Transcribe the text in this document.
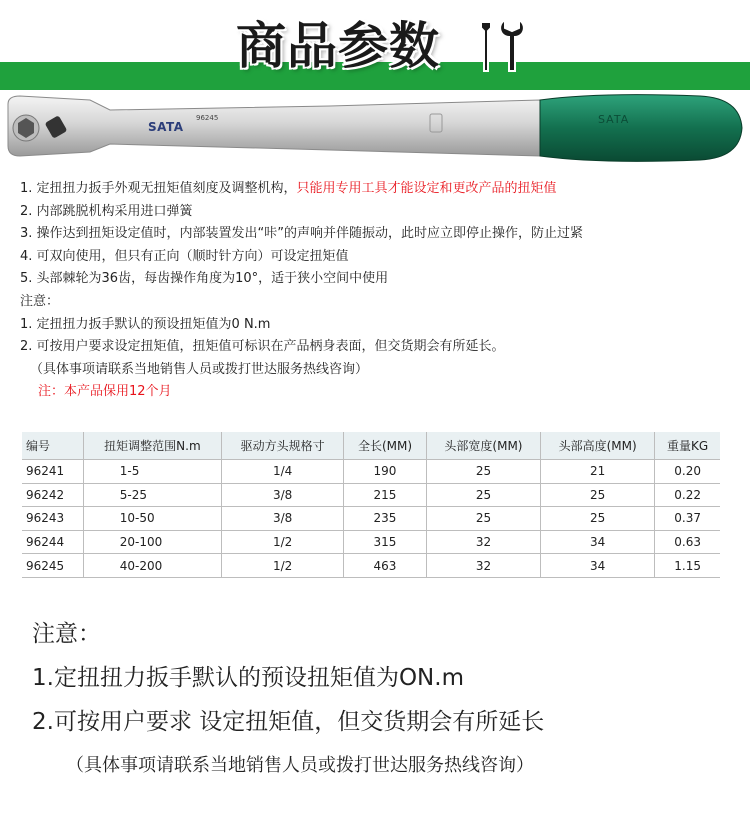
商品参数
SATA
96245	SATA
1. 定扭扭力扳手外观无扭矩值刻度及调整机构，只能用专用工具才能设定和更改产品的扭矩值
2. 内部跳脱机构采用进口弹簧
3. 操作达到扭矩设定值时，内部装置发出“咔”的声响并伴随振动，此时应立即停止操作，防止过紧
4. 可双向使用，但只有正向（顺时针方向）可设定扭矩值
5. 头部棘轮为36齿，每齿操作角度为10°，适于狭小空间中使用
注意：
1. 定扭扭力扳手默认的预设扭矩值为0 N.m
2. 可按用户要求设定扭矩值，扭矩值可标识在产品柄身表面，但交货期会有所延长。
（具体事项请联系当地销售人员或拨打世达服务热线咨询）
注：本产品保用12个月
编号	扭矩调整范围N.m	驱动方头规格寸	全长(MM)	头部宽度(MM)	头部高度(MM)	重量KG
96241	1-5	1/4	190	25	21	0.20
96242	5-25	3/8	215	25	25	0.22
96243	10-50	3/8	235	25	25	0.37
96244	20-100	1/2	315	32	34	0.63
96245	40-200	1/2	463	32	34	1.15
注意：
1.定扭扭力扳手默认的预设扭矩值为ON.m
2.可按用户要求 设定扭矩值，但交货期会有所延长
（具体事项请联系当地销售人员或拨打世达服务热线咨询）
